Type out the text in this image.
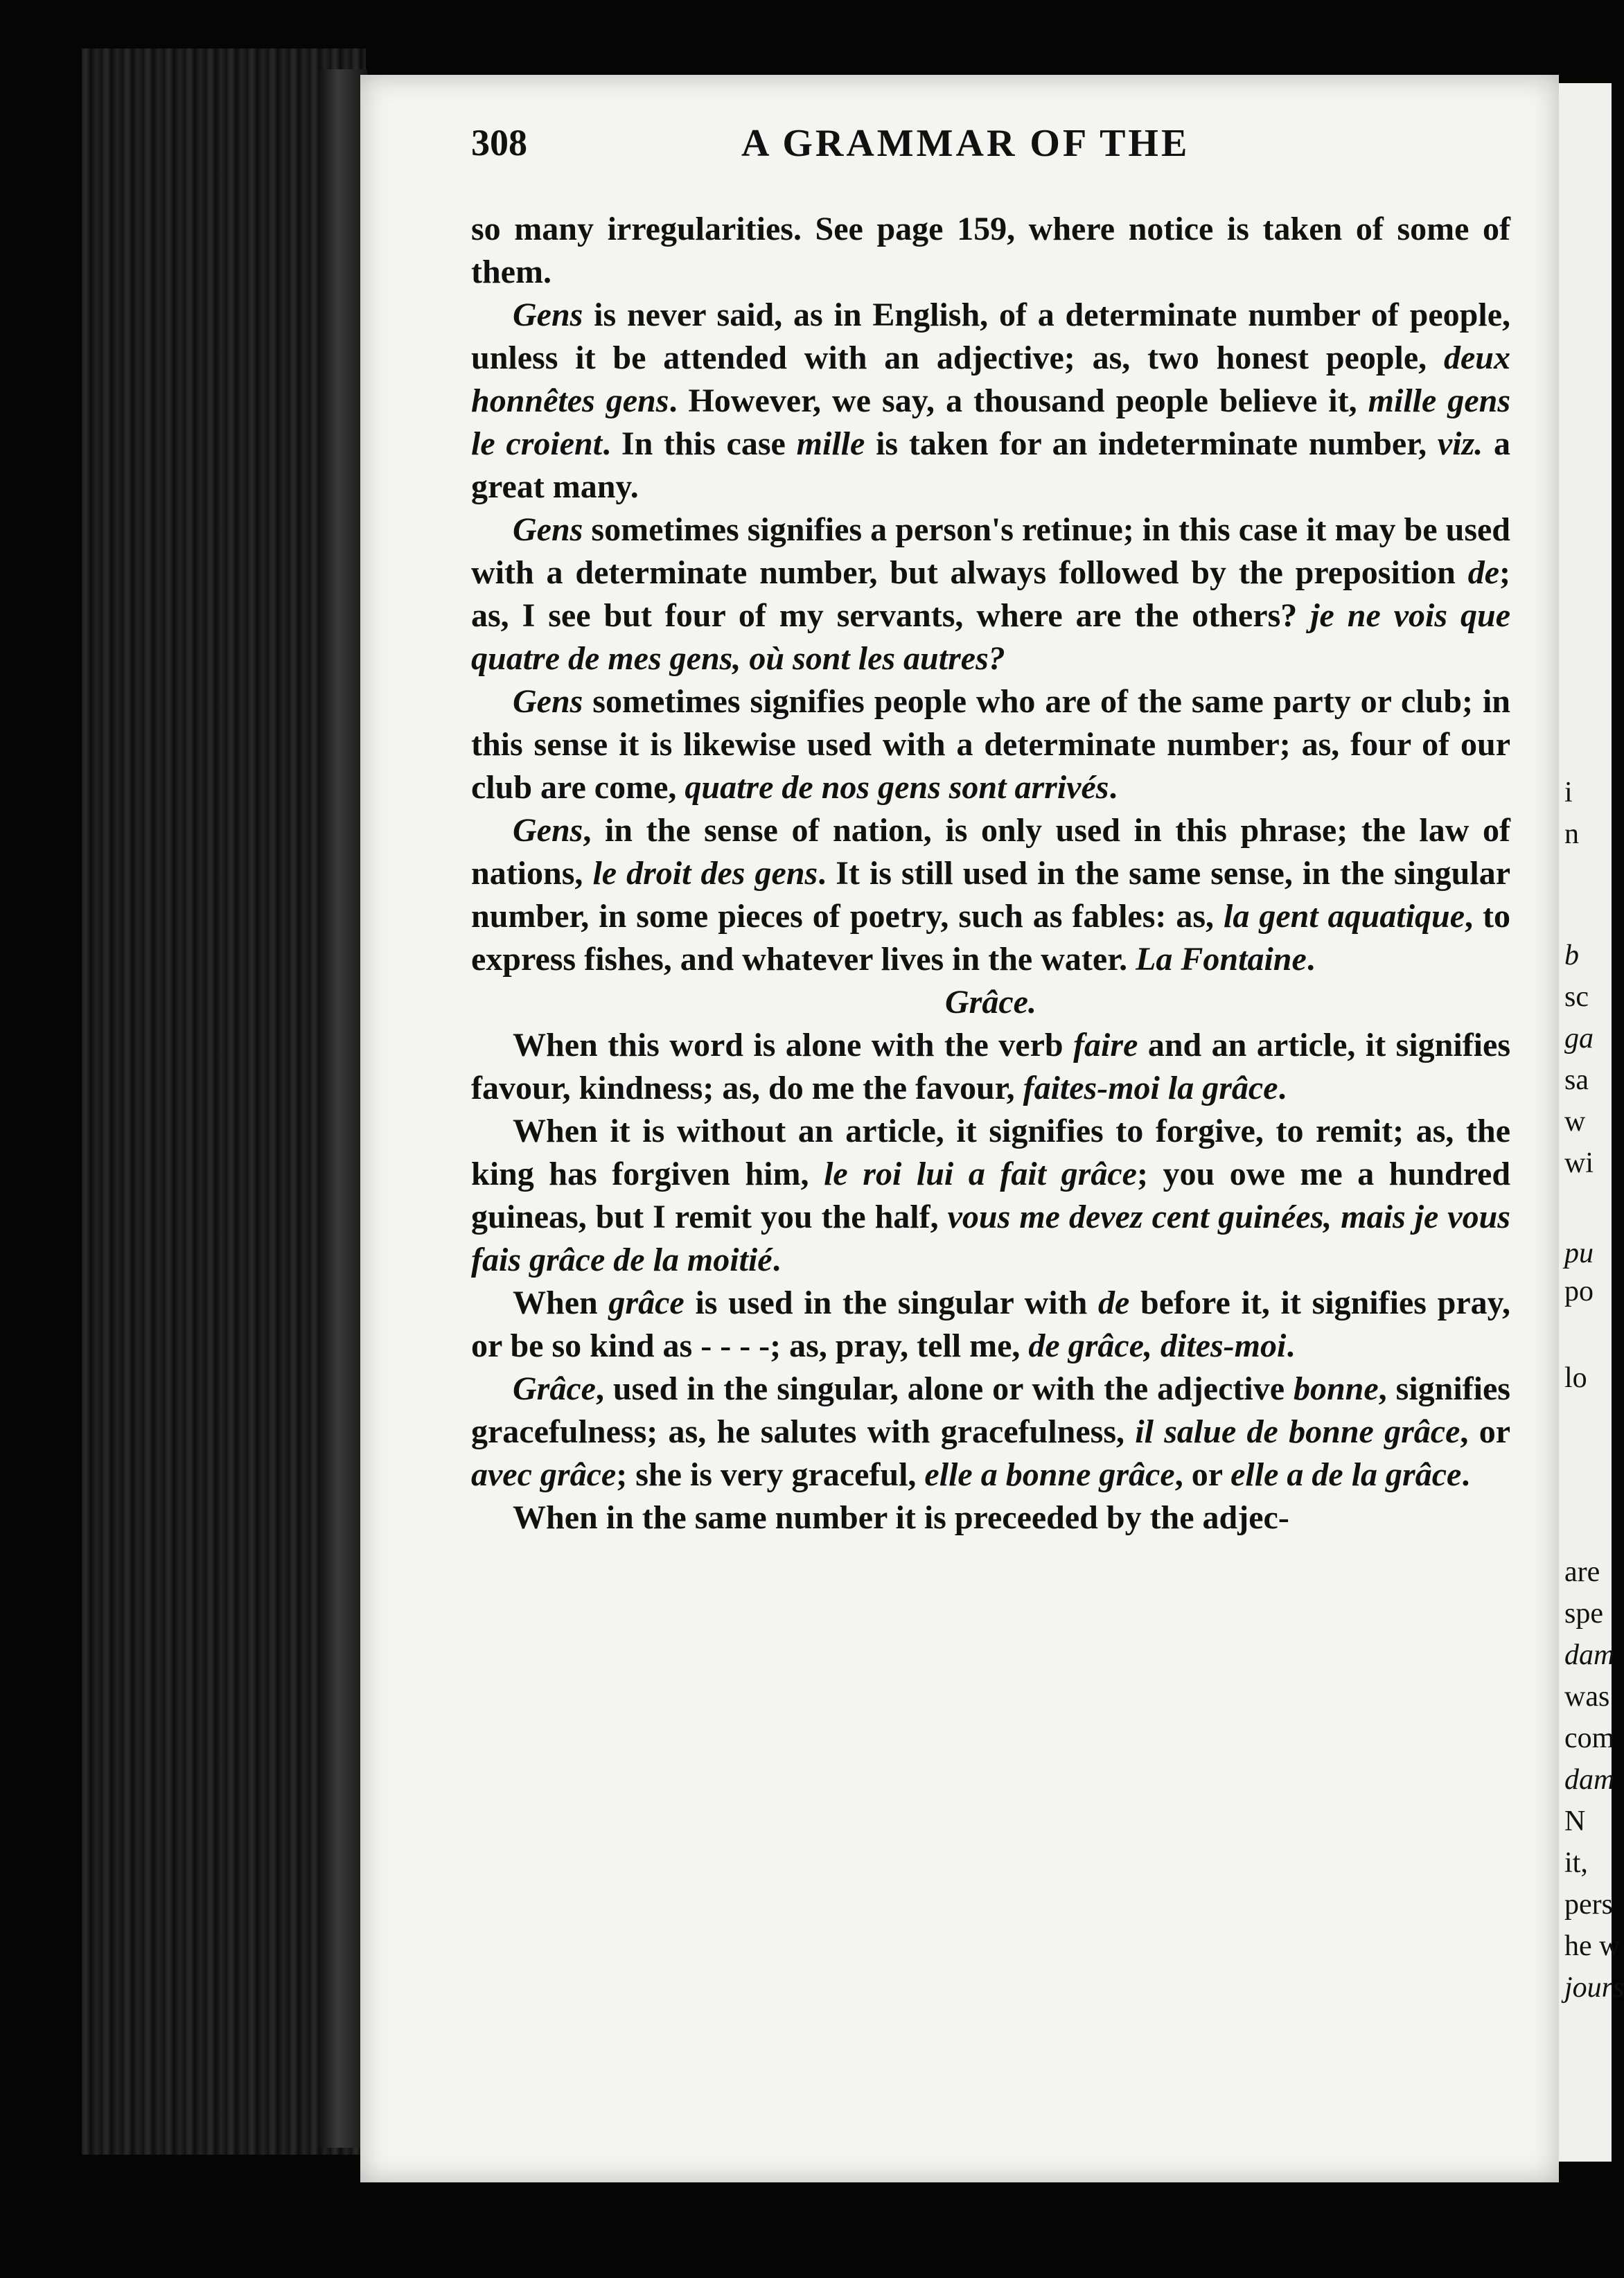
i
n
b
sc
ga
sa
w
wi
pu
po
lo
are
spe
dam
was
com
dam
N
it,
pers
he w
jours
308	A GRAMMAR OF THE

so many irregularities. See page 159, where notice is taken of some of them.

Gens is never said, as in English, of a determinate number of people, unless it be attended with an adjective; as, two honest people, deux honnêtes gens. However, we say, a thousand people believe it, mille gens le croient. In this case mille is taken for an indeterminate number, viz. a great many.

Gens sometimes signifies a person's retinue; in this case it may be used with a determinate number, but always followed by the preposition de; as, I see but four of my servants, where are the others? je ne vois que quatre de mes gens, où sont les autres?

Gens sometimes signifies people who are of the same party or club; in this sense it is likewise used with a determinate number; as, four of our club are come, quatre de nos gens sont arrivés.

Gens, in the sense of nation, is only used in this phrase; the law of nations, le droit des gens. It is still used in the same sense, in the singular number, in some pieces of poetry, such as fables: as, la gent aquatique, to express fishes, and whatever lives in the water. La Fontaine.

Grâce.

When this word is alone with the verb faire and an article, it signifies favour, kindness; as, do me the favour, faites-moi la grâce.

When it is without an article, it signifies to forgive, to remit; as, the king has forgiven him, le roi lui a fait grâce; you owe me a hundred guineas, but I remit you the half, vous me devez cent guinées, mais je vous fais grâce de la moitié.

When grâce is used in the singular with de before it, it signifies pray, or be so kind as - - - -; as, pray, tell me, de grâce, dites-moi.

Grâce, used in the singular, alone or with the adjective bonne, signifies gracefulness; as, he salutes with gracefulness, il salue de bonne grâce, or avec grâce; she is very graceful, elle a bonne grâce, or elle a de la grâce.

When in the same number it is preceeded by the adjec-
